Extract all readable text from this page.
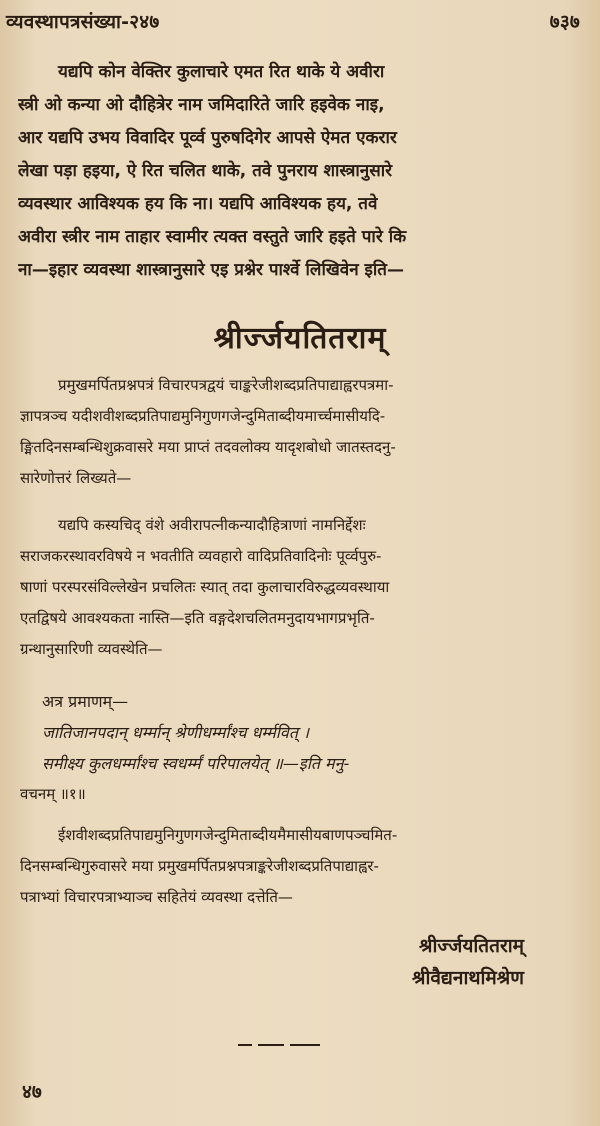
व्यवस्थापत्रसंख्या-२४७	७३७
यद्यपि कोन वेक्तिर कुलाचारे एमत रित थाके ये अवीरा
स्त्री ओ कन्या ओ दौहित्रेर नाम जमिदारिते जारि हइवेक नाइ,
आर यद्यपि उभय विवादिर पूर्व्व पुरुषदिगेर आपसे ऐमत एकरार
लेखा पड़ा हइया, ऐ रित चलित थाके, तवे पुनराय शास्त्रानुसारे
व्यवस्थार आविश्यक हय कि ना। यद्यपि आविश्यक हय, तवे
अवीरा स्त्रीर नाम ताहार स्वामीर त्यक्त वस्तुते जारि हइते पारे कि
ना—इहार व्यवस्था शास्त्रानुसारे एइ प्रश्नेर पार्श्वे लिखिवेन इति—
श्रीर्ज्जयतितराम्
प्रमुखमर्पितप्रश्नपत्रं विचारपत्रद्वयं चाङ्करेजीशब्दप्रतिपाद्याह्वरपत्रमा-
ज्ञापत्रञ्च यदीशवीशब्दप्रतिपाद्यमुनिगुणगजेन्दुमिताब्दीयमार्च्चमासीयदि-
ङ्मितदिनसम्बन्धिशुक्रवासरे मया प्राप्तं तदवलोक्य यादृशबोधो जातस्तदनु-
सारेणोत्तरं लिख्यते—
यद्यपि कस्यचिद् वंशे अवीरापत्नीकन्यादौहित्राणां नामनिर्द्देशः
सराजकरस्थावरविषये न भवतीति व्यवहारो वादिप्रतिवादिनोः पूर्व्वपुरु-
षाणां परस्परसंविल्लेखेन प्रचलितः स्यात् तदा कुलाचारविरुद्धव्यवस्थाया
एतद्विषये आवश्यकता नास्ति—इति वङ्गदेशचलितमनुदायभागप्रभृति-
ग्रन्थानुसारिणी व्यवस्थेति—
अत्र प्रमाणम्—
जातिजानपदान् धर्म्मान् श्रेणीधर्म्मांश्च धर्म्मवित् ।
समीक्ष्य कुलधर्म्मांश्च स्वधर्म्मं परिपालयेत् ॥—इति मनु-
वचनम् ॥१॥
ईशवीशब्दप्रतिपाद्यमुनिगुणगजेन्दुमिताब्दीयमैमासीयबाणपञ्चमित-
दिनसम्बन्धिगुरुवासरे मया प्रमुखमर्पितप्रश्नपत्राङ्करेजीशब्दप्रतिपाद्याह्वर-
पत्राभ्यां विचारपत्राभ्याञ्च सहितेयं व्यवस्था दत्तेति—
श्रीर्ज्जयतितराम्
श्रीवैद्यनाथमिश्रेण
४७
